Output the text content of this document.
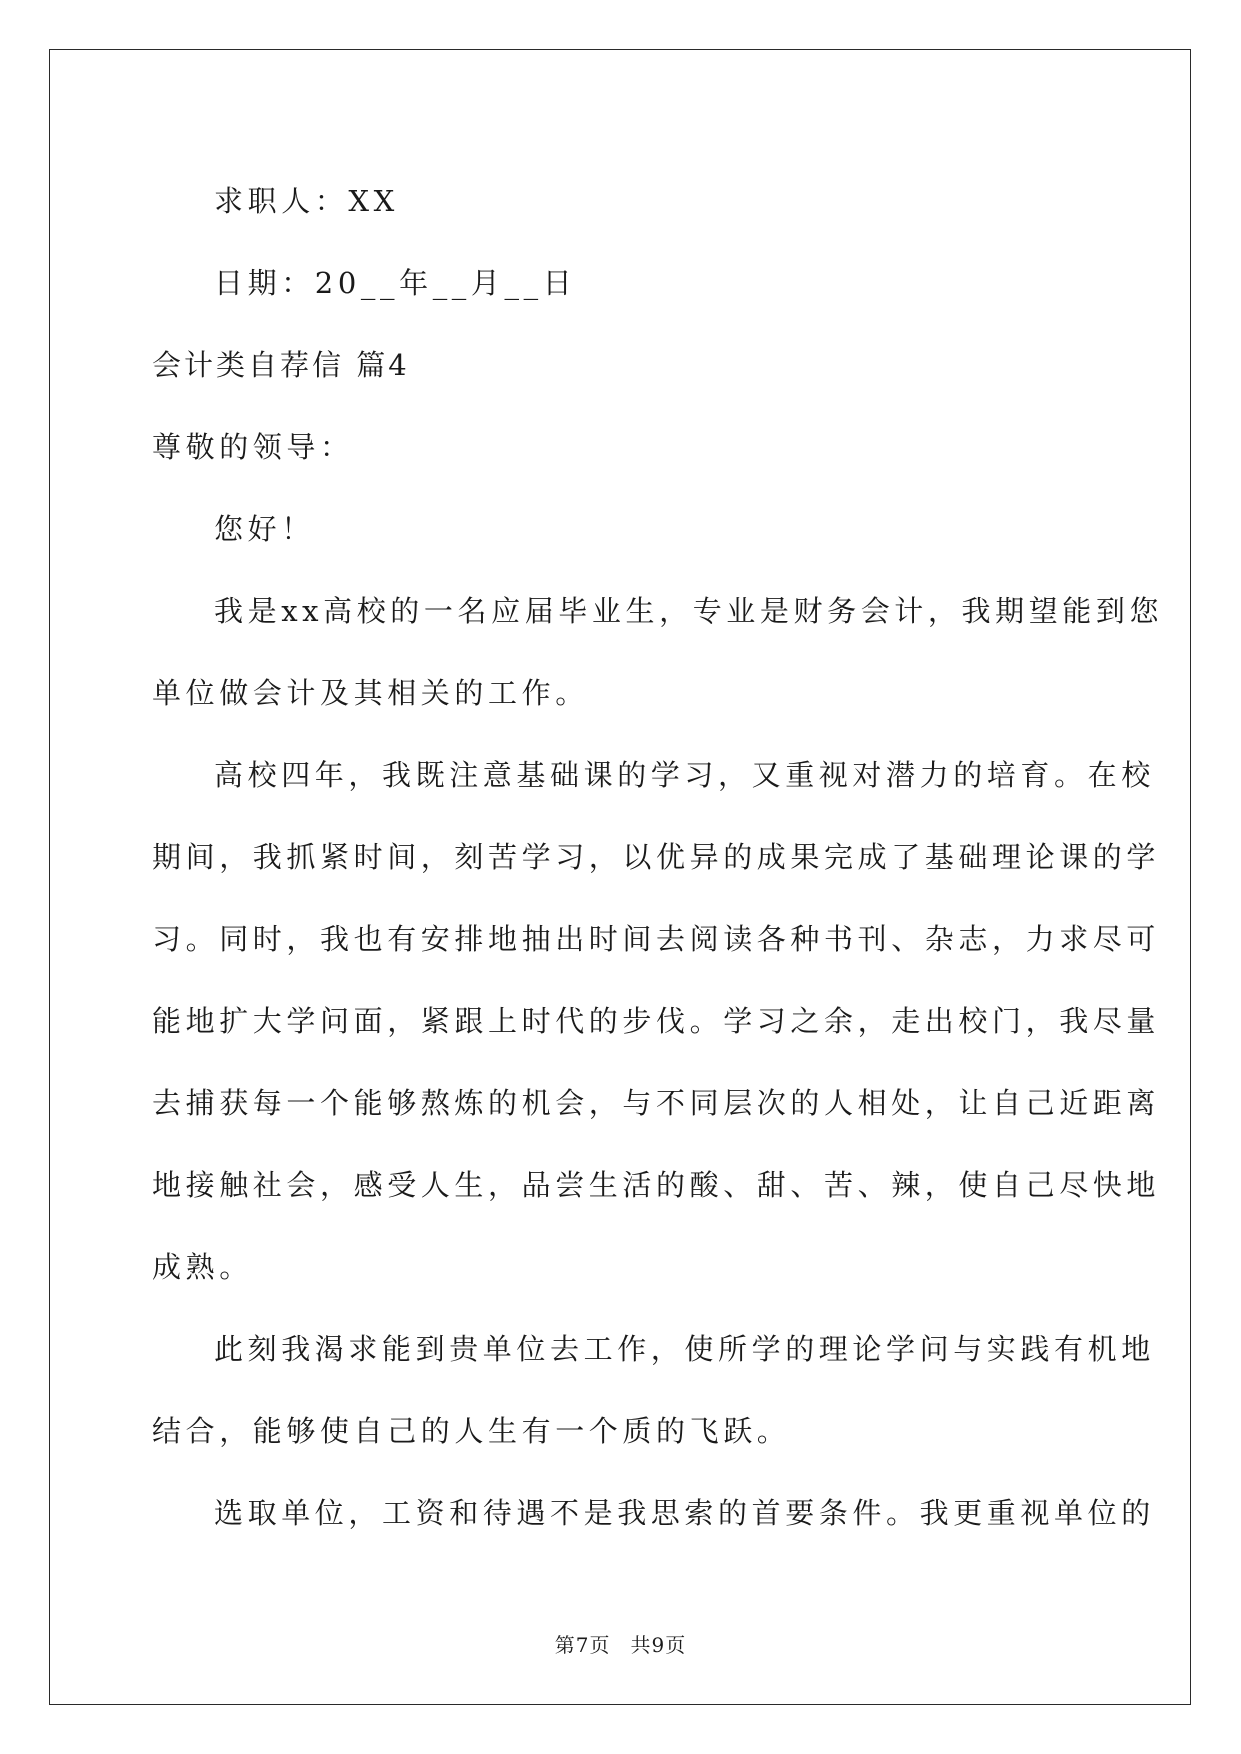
求职人：XX
日期：20__年__月__日
会计类自荐信 篇4
尊敬的领导：
您好！
我是xx高校的一名应届毕业生，专业是财务会计，我期望能到您
单位做会计及其相关的工作。
高校四年，我既注意基础课的学习，又重视对潜力的培育。在校
期间，我抓紧时间，刻苦学习，以优异的成果完成了基础理论课的学
习。同时，我也有安排地抽出时间去阅读各种书刊、杂志，力求尽可
能地扩大学问面，紧跟上时代的步伐。学习之余，走出校门，我尽量
去捕获每一个能够熬炼的机会，与不同层次的人相处，让自己近距离
地接触社会，感受人生，品尝生活的酸、甜、苦、辣，使自己尽快地
成熟。
此刻我渴求能到贵单位去工作，使所学的理论学问与实践有机地
结合，能够使自己的人生有一个质的飞跃。
选取单位，工资和待遇不是我思索的首要条件。我更重视单位的
第7页 共9页
